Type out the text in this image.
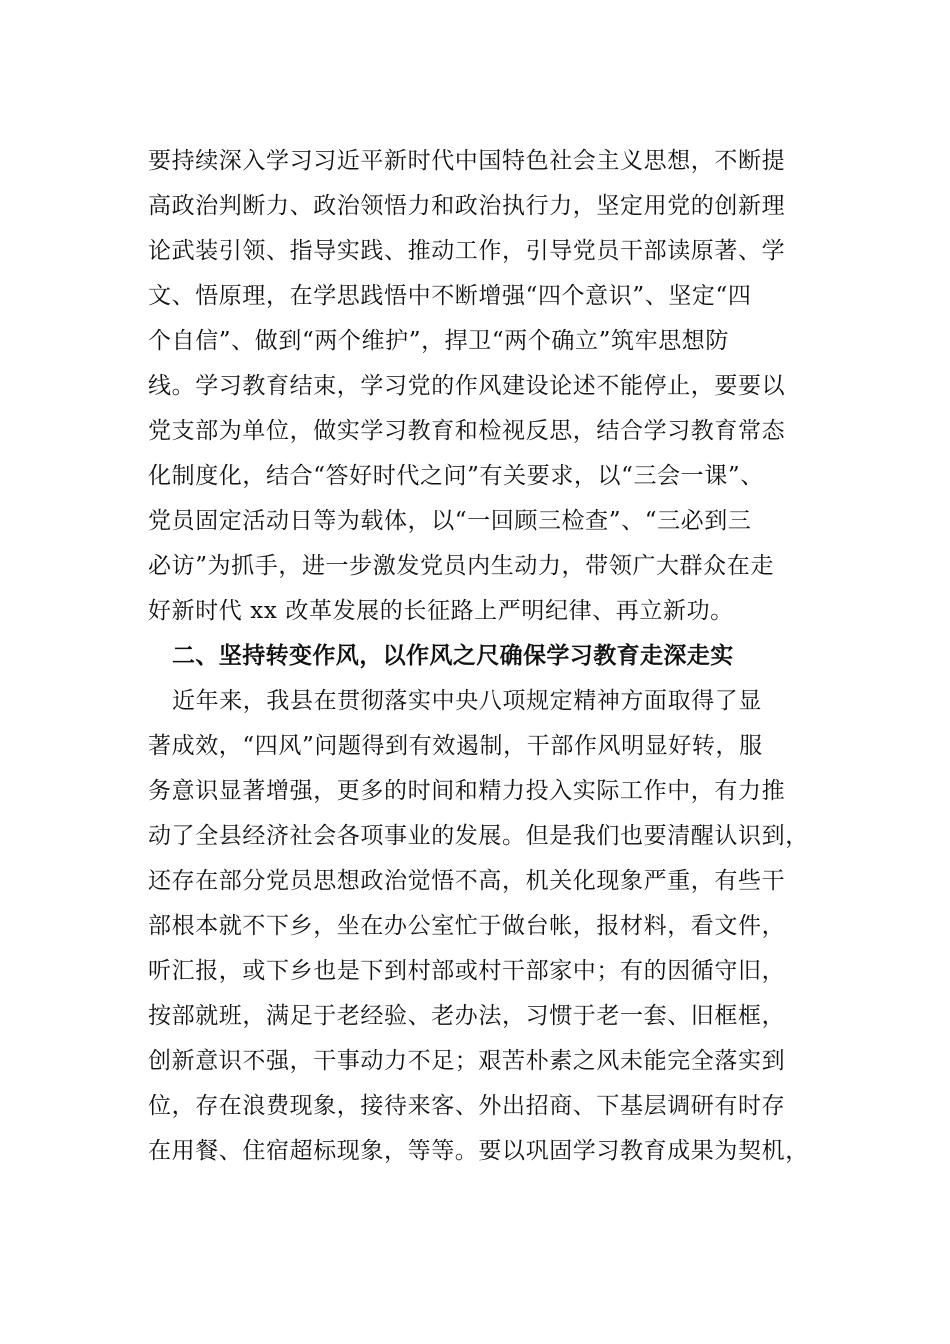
要持续深入学习习近平新时代中国特色社会主义思想，不断提
高政治判断力、政治领悟力和政治执行力，坚定用党的创新理
论武装引领、指导实践、推动工作，引导党员干部读原著、学
文、悟原理，在学思践悟中不断增强“四个意识”、坚定“四
个自信”、做到“两个维护”，捍卫“两个确立”筑牢思想防
线。学习教育结束，学习党的作风建设论述不能停止，要要以
党支部为单位，做实学习教育和检视反思，结合学习教育常态
化制度化，结合“答好时代之问”有关要求，以“三会一课”、
党员固定活动日等为载体，以“一回顾三检查”、“三必到三
必访”为抓手，进一步激发党员内生动力，带领广大群众在走
好新时代 xx 改革发展的长征路上严明纪律、再立新功。
二、坚持转变作风，以作风之尺确保学习教育走深走实
近年来，我县在贯彻落实中央八项规定精神方面取得了显
著成效，“四风”问题得到有效遏制，干部作风明显好转，服
务意识显著增强，更多的时间和精力投入实际工作中，有力推
动了全县经济社会各项事业的发展。但是我们也要清醒认识到，
还存在部分党员思想政治觉悟不高，机关化现象严重，有些干
部根本就不下乡，坐在办公室忙于做台帐，报材料，看文件，
听汇报，或下乡也是下到村部或村干部家中；有的因循守旧，
按部就班，满足于老经验、老办法，习惯于老一套、旧框框，
创新意识不强，干事动力不足；艰苦朴素之风未能完全落实到
位，存在浪费现象，接待来客、外出招商、下基层调研有时存
在用餐、住宿超标现象，等等。要以巩固学习教育成果为契机，
